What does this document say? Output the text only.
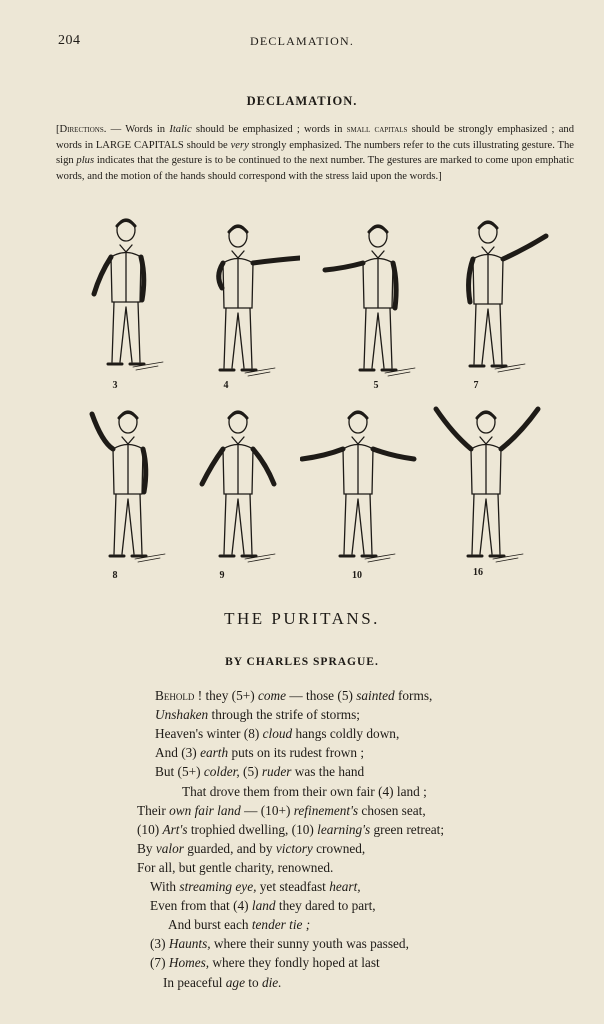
204	DECLAMATION.
DECLAMATION.
[Directions. — Words in Italic should be emphasized ; words in small capitals should be strongly emphasized ; and words in LARGE CAPITALS should be very strongly emphasized. The numbers refer to the cuts illustrating gesture. The sign plus indicates that the gesture is to be continued to the next number. The gestures are marked to come upon emphatic words, and the motion of the hands should correspond with the stress laid upon the words.]
3	4	5	7
8	9	10	16
THE PURITANS.
BY CHARLES SPRAGUE.
Behold ! they (5+) come — those (5) sainted forms,
Unshaken through the strife of storms;
Heaven's winter (8) cloud hangs coldly down,
And (3) earth puts on its rudest frown ;
But (5+) colder, (5) ruder was the hand
That drove them from their own fair (4) land ;
Their own fair land — (10+) refinement's chosen seat,
(10) Art's trophied dwelling, (10) learning's green retreat;
By valor guarded, and by victory crowned,
For all, but gentle charity, renowned.
With streaming eye, yet steadfast heart,
Even from that (4) land they dared to part,
And burst each tender tie ;
(3) Haunts, where their sunny youth was passed,
(7) Homes, where they fondly hoped at last
In peaceful age to die.
